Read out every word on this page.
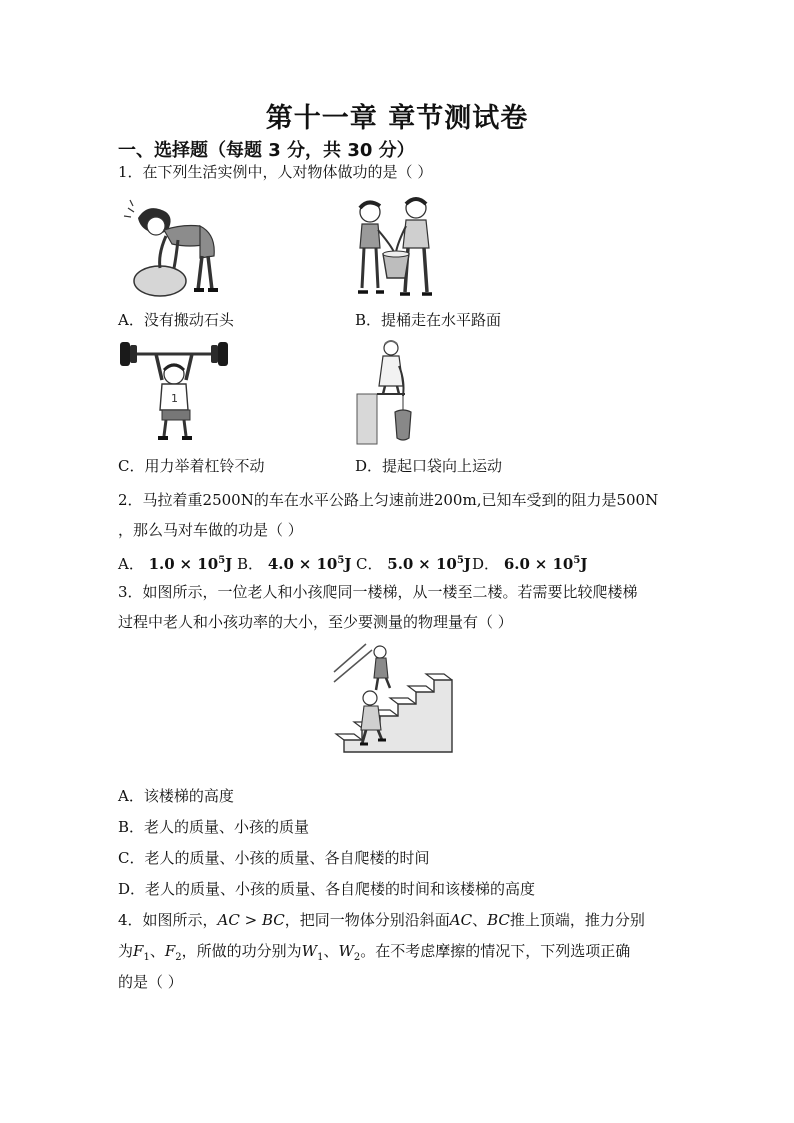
第十一章 章节测试卷
一、选择题（每题 3 分，共 30 分）
1．在下列生活实例中，人对物体做功的是（ ）
A．没有搬动石头	B．提桶走在水平路面
1
C．用力举着杠铃不动	D．提起口袋向上运动
2．马拉着重2500N的车在水平公路上匀速前进200m,已知车受到的阻力是500N
，那么马对车做的功是（ ）
A． $1.0 \times 10^5J$ B． $4.0 \times 10^5J$ C． $5.0 \times 10^5J$ D． $6.0 \times 10^5J$
3．如图所示，一位老人和小孩爬同一楼梯，从一楼至二楼。若需要比较爬楼梯
过程中老人和小孩功率的大小，至少要测量的物理量有（ ）
A．该楼梯的高度
B．老人的质量、小孩的质量
C．老人的质量、小孩的质量、各自爬楼的时间
D．老人的质量、小孩的质量、各自爬楼的时间和该楼梯的高度
4．如图所示，AC > BC，把同一物体分别沿斜面AC、BC推上顶端，推力分别
为$F_1$、$F_2$，所做的功分别为$W_1$、$W_2$。在不考虑摩擦的情况下，下列选项正确
的是（ ）
